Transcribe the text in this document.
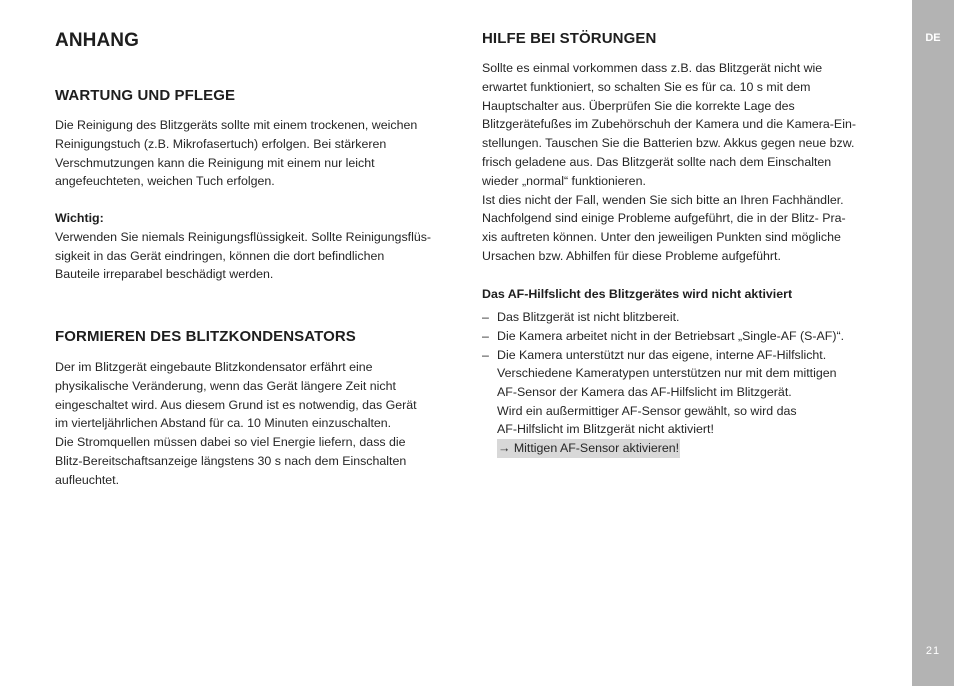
ANHANG
WARTUNG UND PFLEGE
Die Reinigung des Blitzgeräts sollte mit einem trockenen, weichen
Reinigungstuch (z.B. Mikrofasertuch) erfolgen. Bei stärkeren
Verschmutzungen kann die Reinigung mit einem nur leicht
angefeuchteten, weichen Tuch erfolgen.
Wichtig:
Verwenden Sie niemals Reinigungsflüssigkeit. Sollte Reinigungsflüs-
sigkeit in das Gerät eindringen, können die dort befindlichen
Bauteile irreparabel beschädigt werden.
FORMIEREN DES BLITZKONDENSATORS
Der im Blitzgerät eingebaute Blitzkondensator erfährt eine
physikalische Veränderung, wenn das Gerät längere Zeit nicht
eingeschaltet wird. Aus diesem Grund ist es notwendig, das Gerät
im vierteljährlichen Abstand für ca. 10 Minuten einzuschalten.
Die Stromquellen müssen dabei so viel Energie liefern, dass die
Blitz-Bereitschaftsanzeige längstens 30 s nach dem Einschalten
aufleuchtet.
HILFE BEI STÖRUNGEN
Sollte es einmal vorkommen dass z.B. das Blitzgerät nicht wie
erwartet funktioniert, so schalten Sie es für ca. 10 s mit dem
Hauptschalter aus. Überprüfen Sie die korrekte Lage des
Blitzgerätefußes im Zubehörschuh der Kamera und die Kamera-Ein-
stellungen. Tauschen Sie die Batterien bzw. Akkus gegen neue bzw.
frisch geladene aus. Das Blitzgerät sollte nach dem Einschalten
wieder „normal“ funktionieren.
Ist dies nicht der Fall, wenden Sie sich bitte an Ihren Fachhändler.
Nachfolgend sind einige Probleme aufgeführt, die in der Blitz- Pra-
xis auftreten können. Unter den jeweiligen Punkten sind mögliche
Ursachen bzw. Abhilfen für diese Probleme aufgeführt.
Das AF-Hilfslicht des Blitzgerätes wird nicht aktiviert
– Das Blitzgerät ist nicht blitzbereit.
– Die Kamera arbeitet nicht in der Betriebsart „Single-AF (S-AF)“.
– Die Kamera unterstützt nur das eigene, interne AF-Hilfslicht.
Verschiedene Kameratypen unterstützen nur mit dem mittigen
AF-Sensor der Kamera das AF-Hilfslicht im Blitzgerät.
Wird ein außermittiger AF-Sensor gewählt, so wird das
AF-Hilfslicht im Blitzgerät nicht aktiviert!
→ Mittigen AF-Sensor aktivieren!
DE
21
